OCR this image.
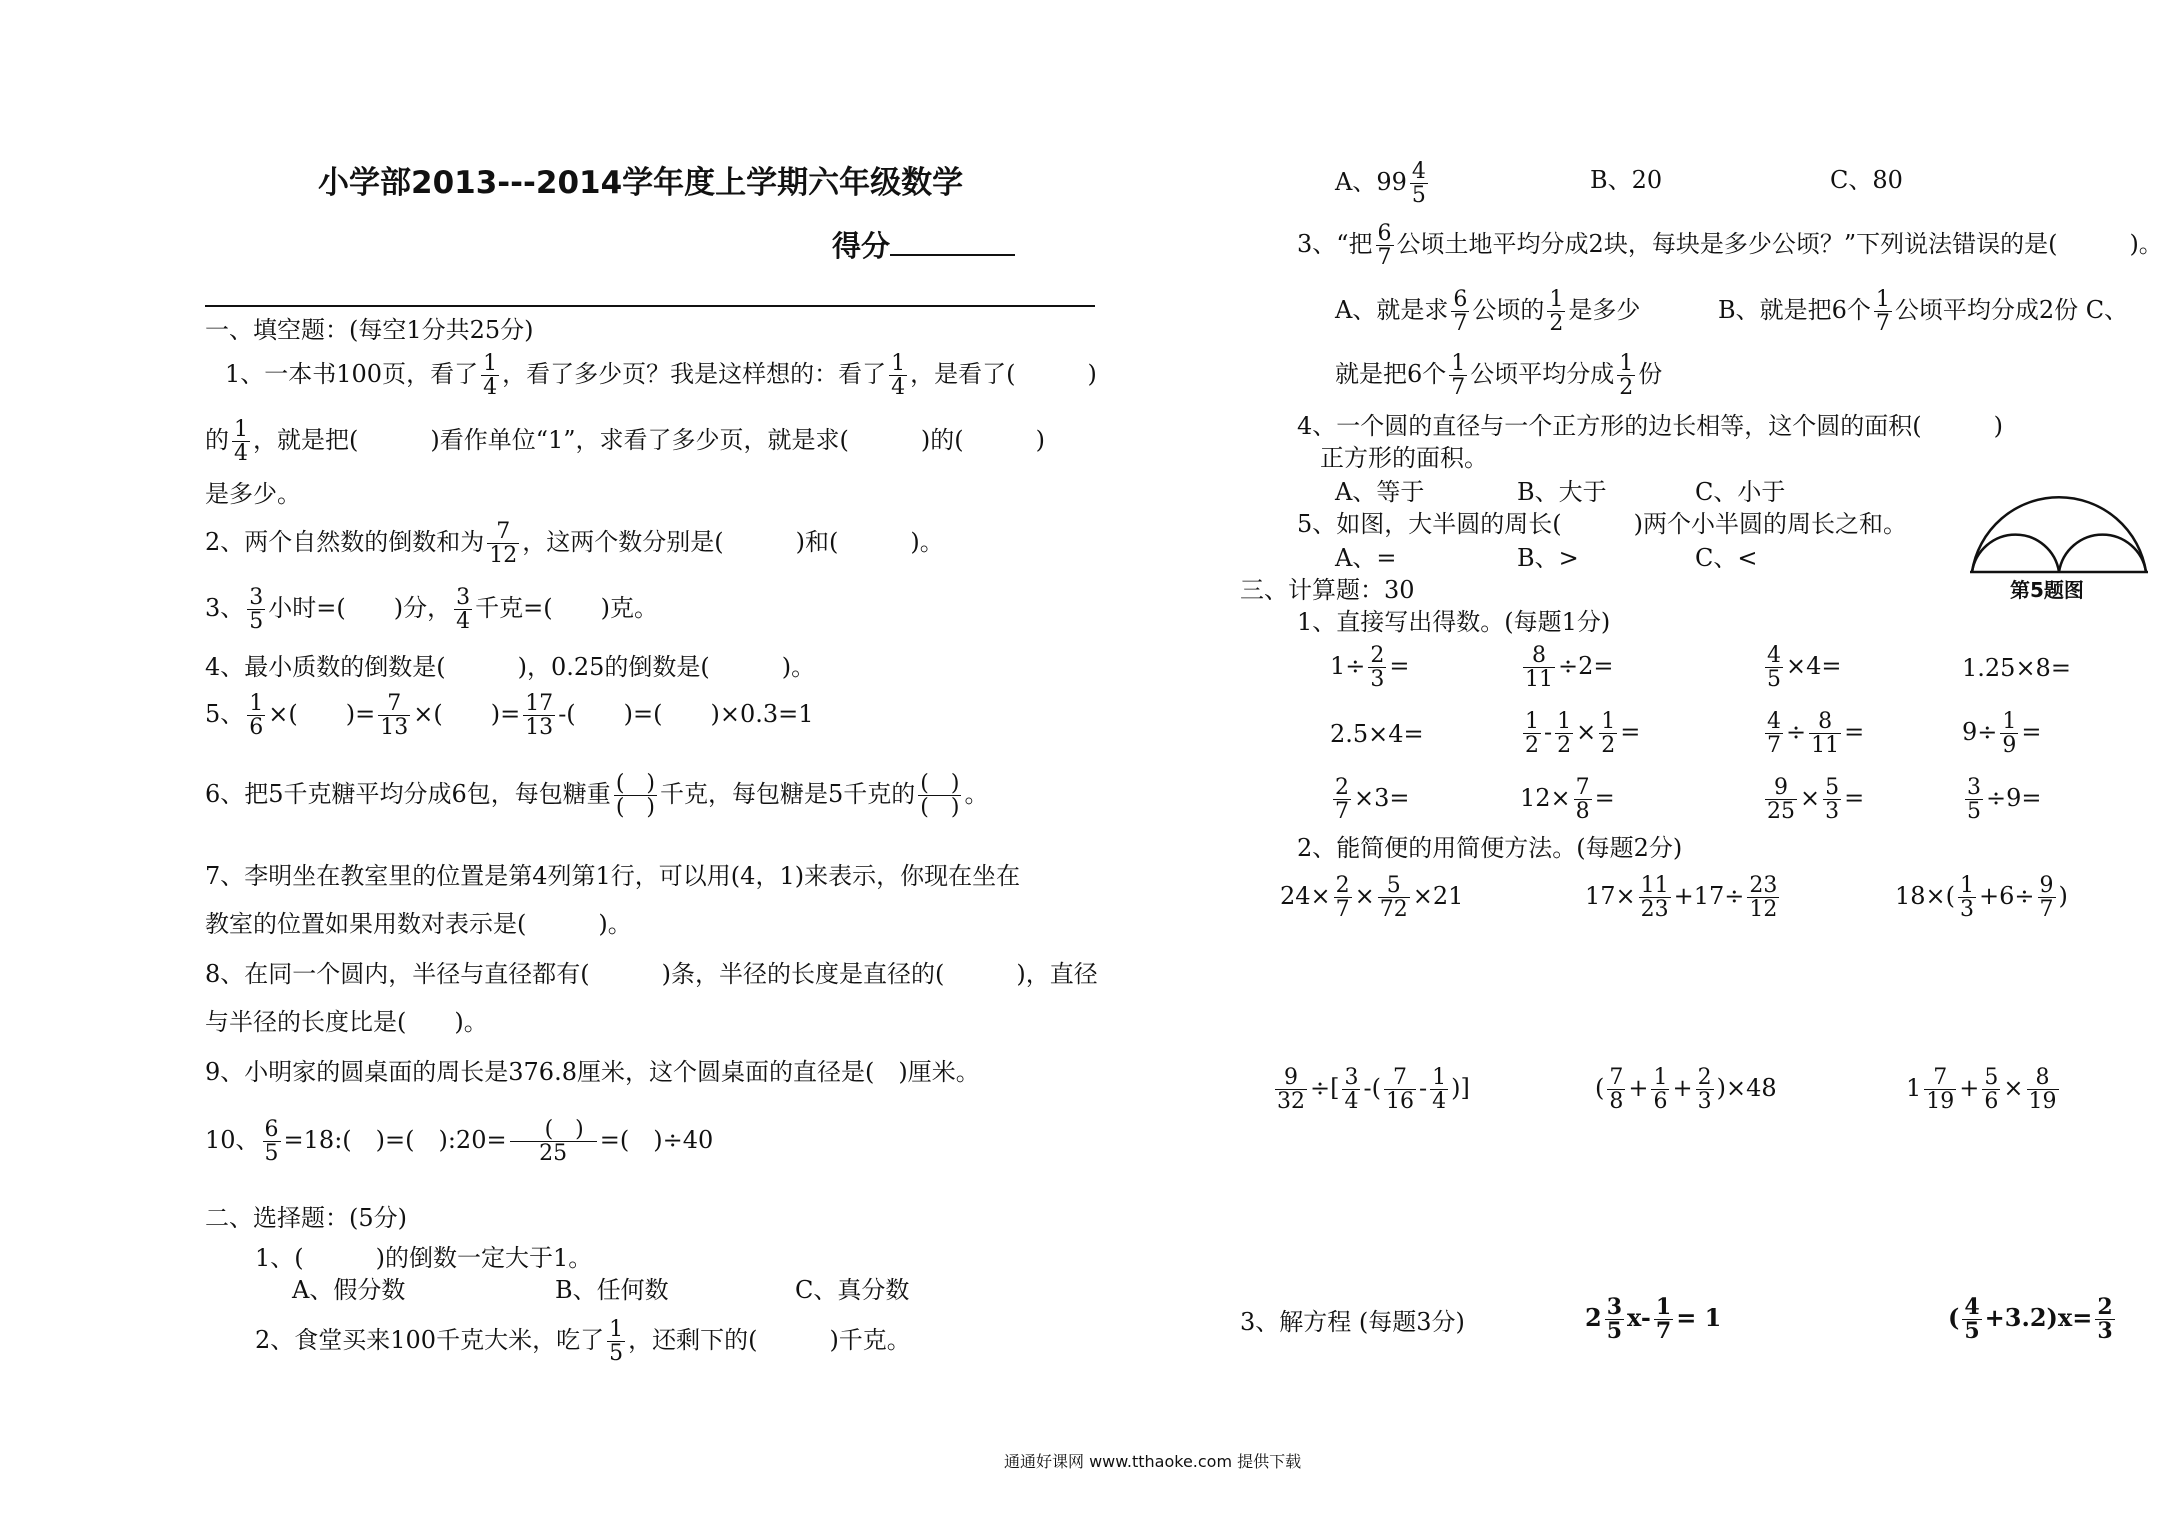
小学部2013---2014学年度上学期六年级数学
得分
一、填空题：(每空1分共25分)
1、一本书100页，看了 $\frac{1}{4}$ ，看了多少页？我是这样想的：看了 $\frac{1}{4}$ ，是看了(　　　)
的 $\frac{1}{4}$ ，就是把(　　　)看作单位“1”，求看了多少页，就是求(　　　)的(　　　)
是多少。
2、两个自然数的倒数和为 $\frac{7}{12}$ ，这两个数分别是(　　　)和(　　　)。
3、 $\frac{3}{5}$ 小时=(　　)分， $\frac{3}{4}$ 千克=(　　)克。
4、最小质数的倒数是(　　　)，0.25的倒数是(　　　)。
5、 $\frac{1}{6}$ ×(　　)= $\frac{7}{13}$ ×(　　)= $\frac{17}{13}$ -(　　)=(　　)×0.3=1
6、把5千克糖平均分成6包，每包糖重 $\frac{( )}{( )}$ 千克，每包糖是5千克的 $\frac{( )}{( )}$ 。
7、李明坐在教室里的位置是第4列第1行，可以用(4，1)来表示，你现在坐在
教室的位置如果用数对表示是(　　　)。
8、在同一个圆内，半径与直径都有(　　　)条，半径的长度是直径的(　　　)，直径
与半径的长度比是(　　)。
9、小明家的圆桌面的周长是376.8厘米，这个圆桌面的直径是(　)厘米。
10、 $\frac{6}{5}$ =18:(　)=(　):20= 　$\frac{( )}{25}$ =(　)÷40
二、选择题：(5分)
1、(　　　)的倒数一定大于1。
A、假分数	B、任何数	C、真分数
2、食堂买来100千克大米，吃了 $\frac{1}{5}$ ，还剩下的(　　　)千克。
A、$99 \frac{4}{5}$	B、20	C、80
3、“把 $\frac{6}{7}$ 公顷土地平均分成2块，每块是多少公顷？”下列说法错误的是(　　　)。
A、就是求 $\frac{6}{7}$ 公顷的 $\frac{1}{2}$ 是多少	B、就是把6个 $\frac{1}{7}$ 公顷平均分成2份 C、
就是把6个 $\frac{1}{7}$ 公顷平均分成 $\frac{1}{2}$ 份
4、一个圆的直径与一个正方形的边长相等，这个圆的面积(　　　)
正方形的面积。
A、等于	B、大于	C、小于
5、如图，大半圆的周长(　　　)两个小半圆的周长之和。
A、=	B、>	C、<
第5题图
三、计算题：30
1、直接写出得数。(每题1分)
$1\div \frac{2}{3}$ =	$\frac{8}{11} \div 2=$	$\frac{4}{5} \times 4=$	1.25×8=
2.5×4=	$\frac{1}{2} - \frac{1}{2} \times \frac{1}{2}$ =	$\frac{4}{7} \div \frac{8}{11}$ =	$9\div \frac{1}{9}$ =
$\frac{2}{7} \times 3=$	$12\times \frac{7}{8}$ =	$\frac{9}{25} \times \frac{5}{3}$ =	$\frac{3}{5} \div 9=$
2、能简便的用简便方法。(每题2分)
$24\times \frac{2}{7} \times \frac{5}{72} \times 21$	$17\times \frac{11}{23} +17\div \frac{23}{12}$	$18\times( \frac{1}{3} +6\div \frac{9}{7}$ )
$\frac{9}{32}$ ÷[ $\frac{3}{4}$ -( $\frac{7}{16} - \frac{1}{4}$ )]	( $\frac{7}{8} + \frac{1}{6} + \frac{2}{3} )\times 48$	$1 \frac{7}{19} + \frac{5}{6} \times \frac{8}{19}$
3、解方程 (每题3分)	$2 \frac{3}{5} x- \frac{1}{7} = 1$	( $\frac{4}{5} +3.2)x= \frac{2}{3}$
通通好课网 www.tthaoke.com 提供下载
